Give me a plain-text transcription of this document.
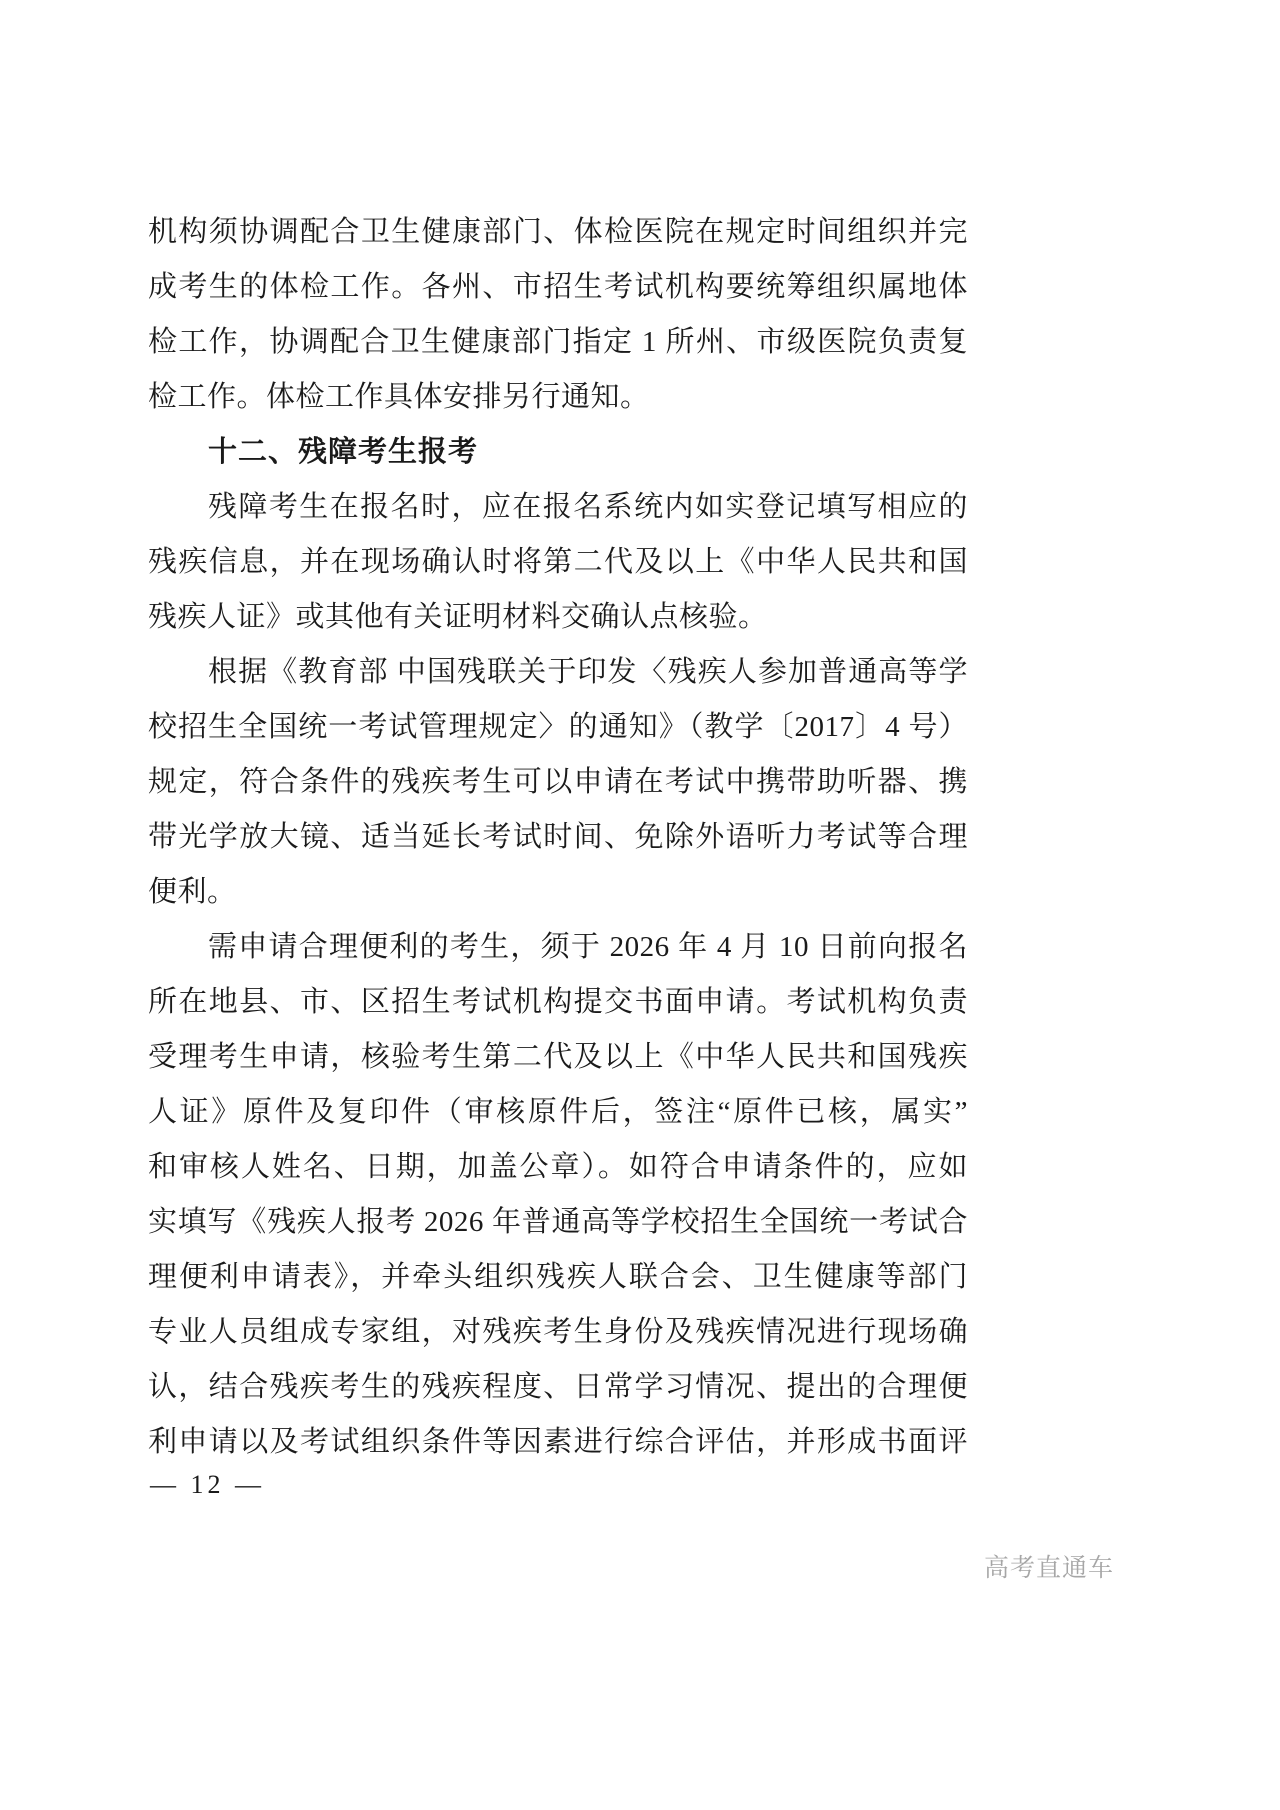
机构须协调配合卫生健康部门、体检医院在规定时间组织并完
成考生的体检工作。各州、市招生考试机构要统筹组织属地体
检工作，协调配合卫生健康部门指定 1 所州、市级医院负责复
检工作。体检工作具体安排另行通知。
十二、残障考生报考
残障考生在报名时，应在报名系统内如实登记填写相应的
残疾信息，并在现场确认时将第二代及以上《中华人民共和国
残疾人证》或其他有关证明材料交确认点核验。
根据《教育部 中国残联关于印发〈残疾人参加普通高等学
校招生全国统一考试管理规定〉的通知》（教学〔2017〕4 号）
规定，符合条件的残疾考生可以申请在考试中携带助听器、携
带光学放大镜、适当延长考试时间、免除外语听力考试等合理
便利。
需申请合理便利的考生，须于 2026 年 4 月 10 日前向报名
所在地县、市、区招生考试机构提交书面申请。考试机构负责
受理考生申请，核验考生第二代及以上《中华人民共和国残疾
人证》原件及复印件（审核原件后，签注“原件已核，属实”
和审核人姓名、日期，加盖公章）。如符合申请条件的，应如
实填写《残疾人报考 2026 年普通高等学校招生全国统一考试合
理便利申请表》，并牵头组织残疾人联合会、卫生健康等部门
专业人员组成专家组，对残疾考生身份及残疾情况进行现场确
认，结合残疾考生的残疾程度、日常学习情况、提出的合理便
利申请以及考试组织条件等因素进行综合评估，并形成书面评
— 12 —
高考直通车
